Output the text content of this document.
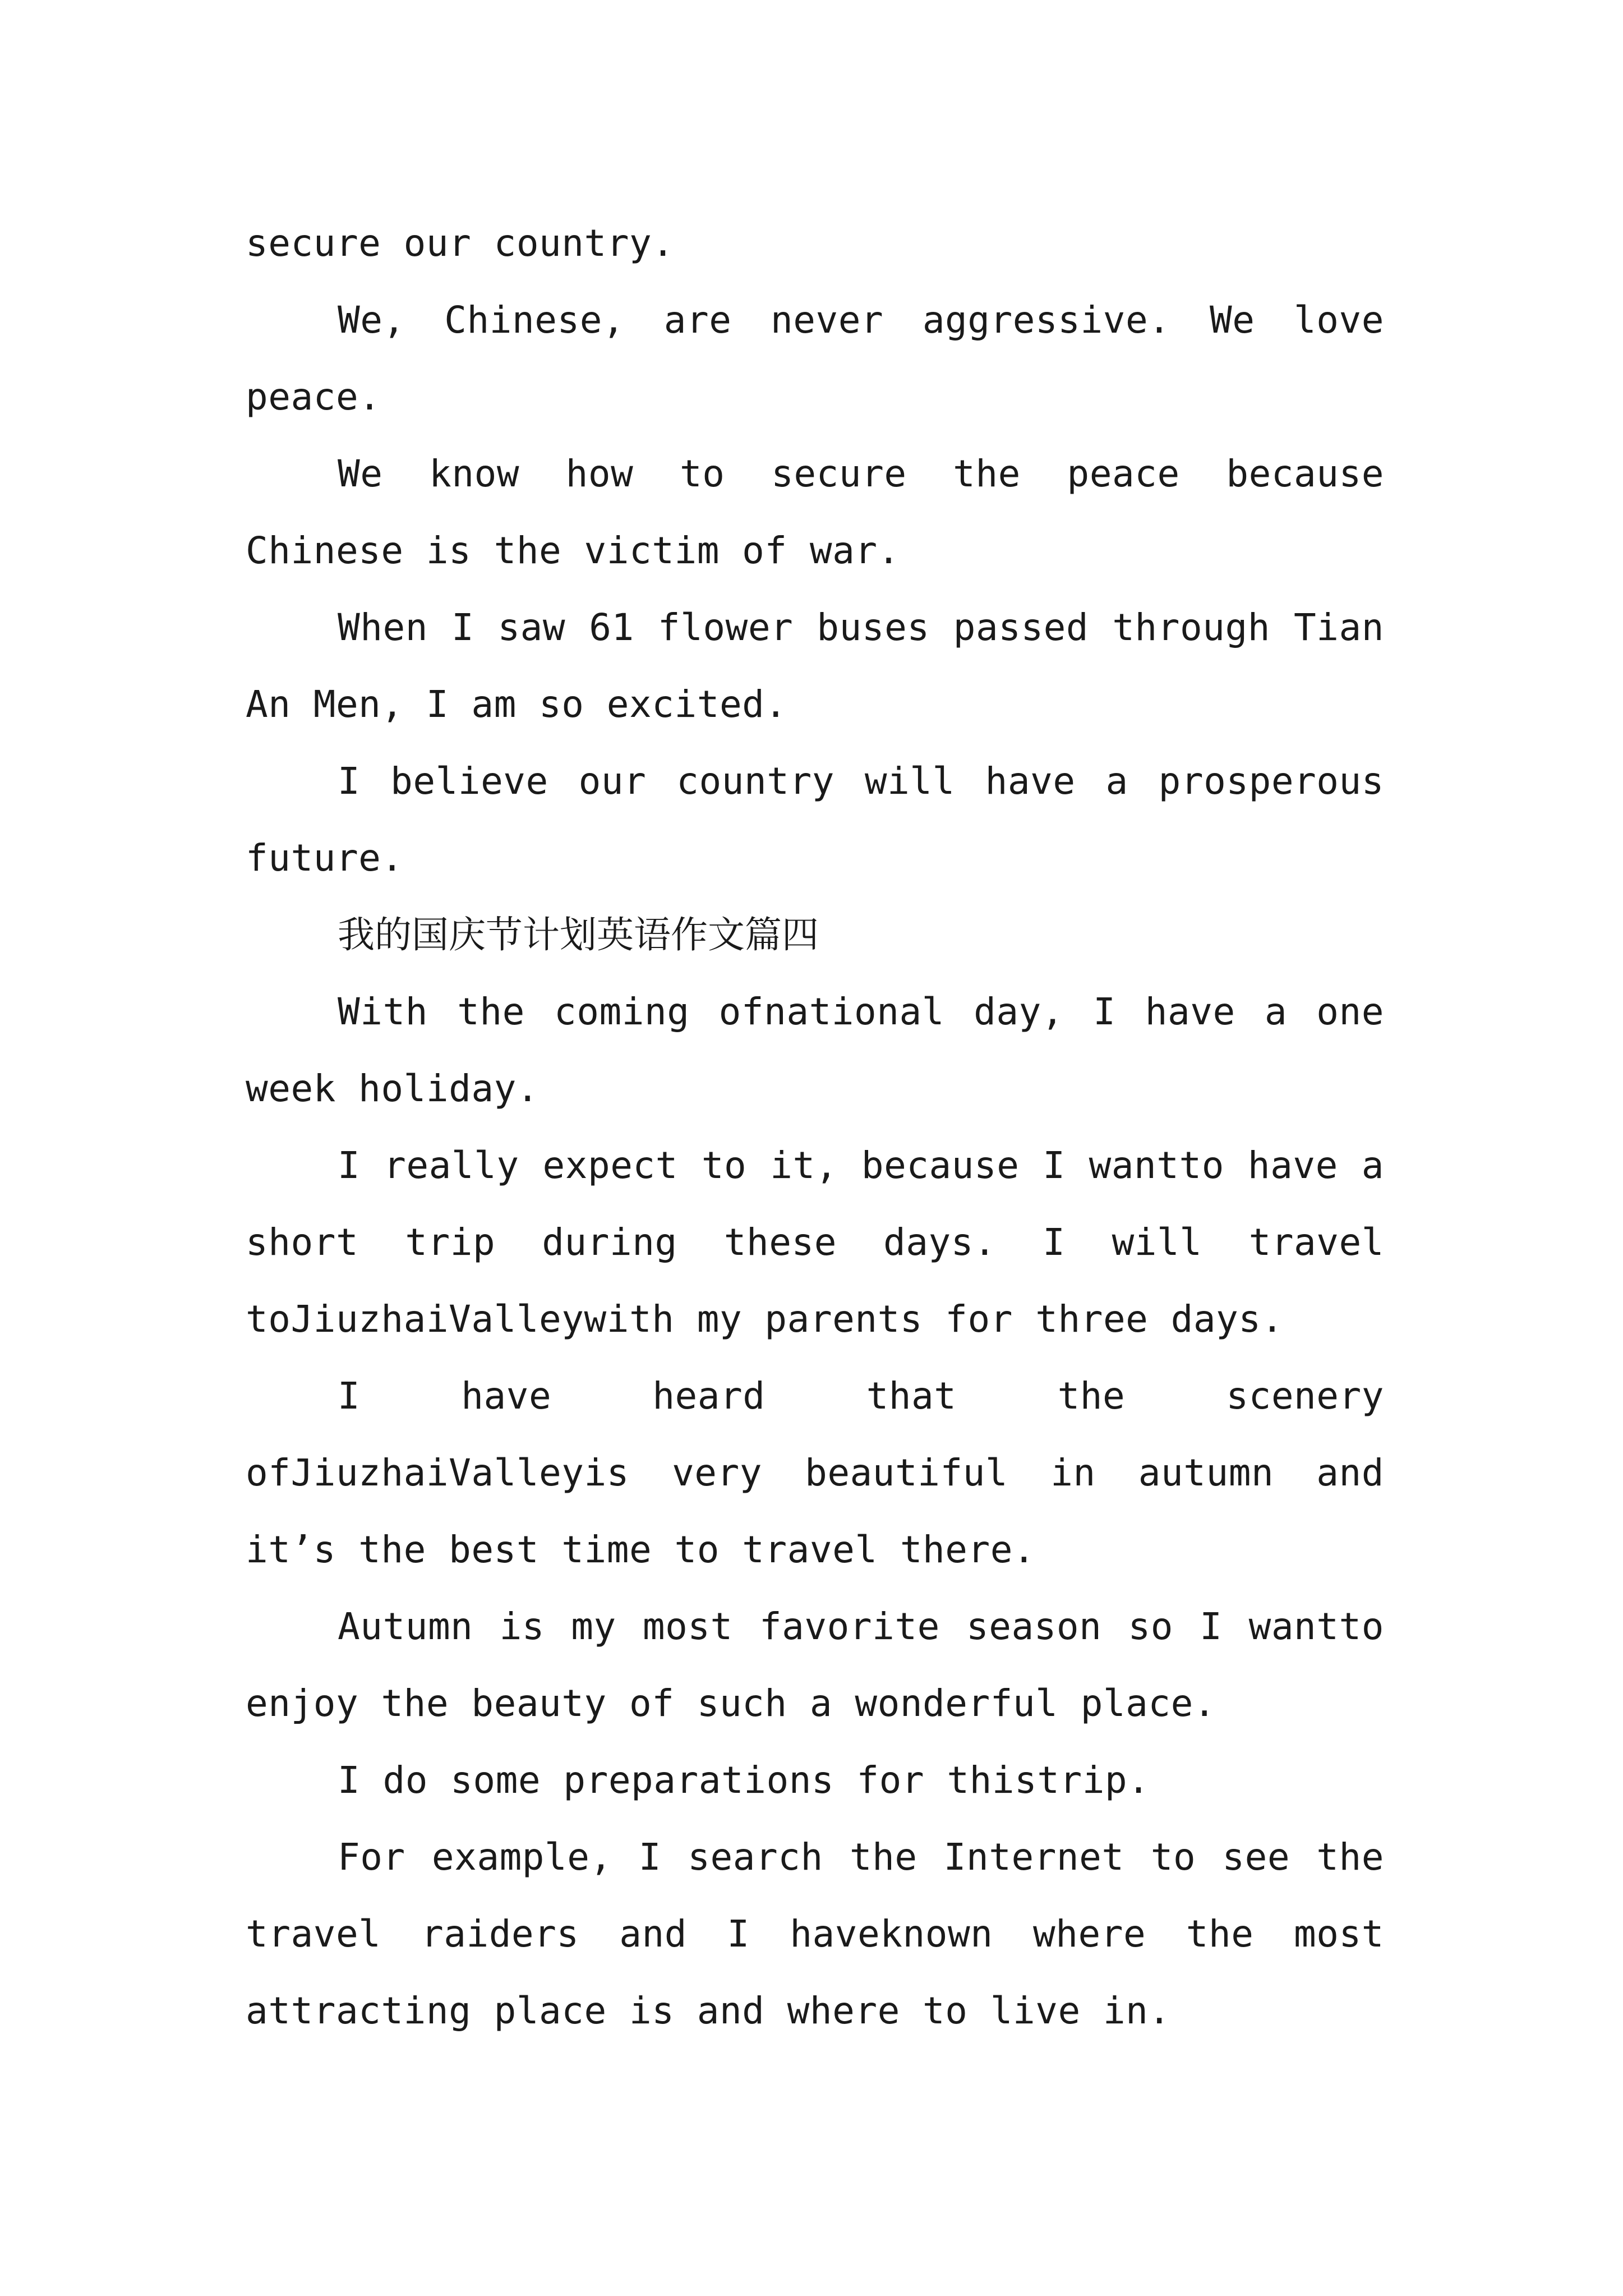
secure our country.

We, Chinese, are never aggressive. We love peace.

We know how to secure the peace because Chinese is the victim of war.

When I saw 61 flower buses passed through Tian An Men, I am so excited.

I believe our country will have a prosperous future.

我的国庆节计划英语作文篇四

With the coming ofnational day, I have a one week holiday.

I really expect to it, because I wantto have a short trip during these days. I will travel toJiuzhaiValleywith my parents for three days.

I have heard that the scenery ofJiuzhaiValleyis very beautiful in autumn and it’s the best time to travel there.

Autumn is my most favorite season so I wantto enjoy the beauty of such a wonderful place.

I do some preparations for thistrip.

For example, I search the Internet to see the travel raiders and I haveknown where the most attracting place is and where to live in.
